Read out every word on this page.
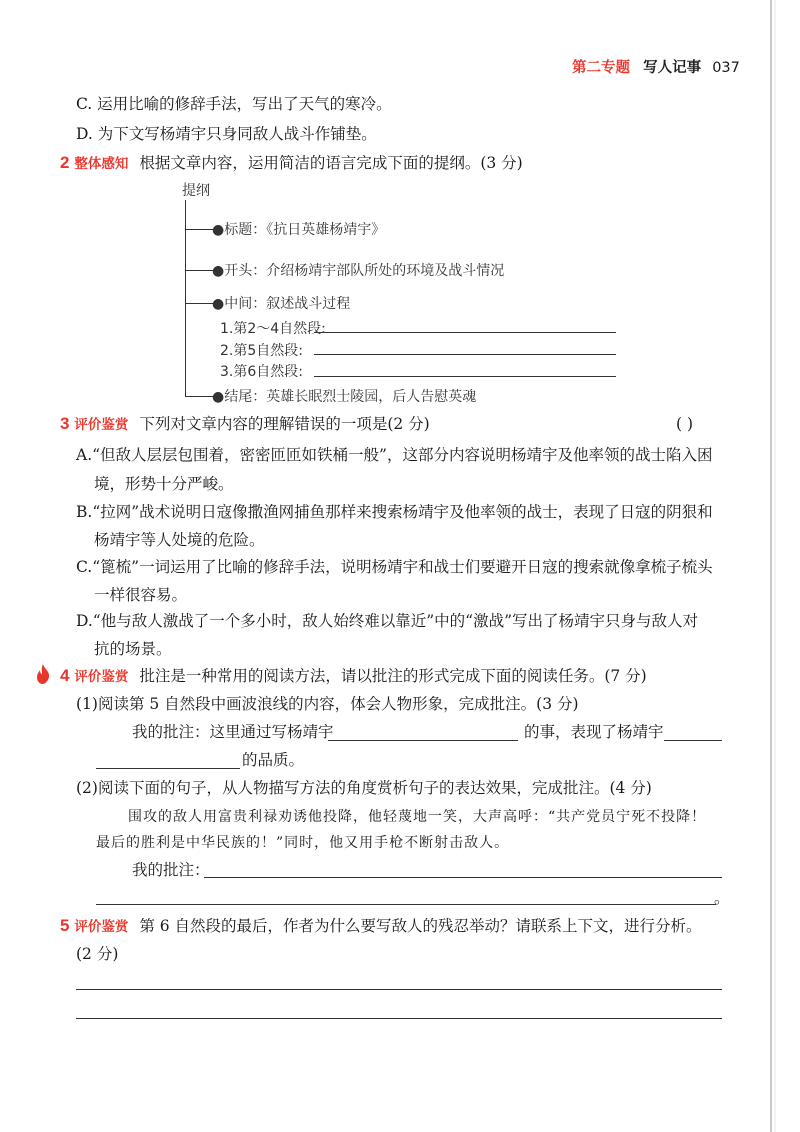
第二专题 写人记事 037
C. 运用比喻的修辞手法，写出了天气的寒冷。
D. 为下文写杨靖宇只身同敌人战斗作铺垫。
2 整体感知 根据文章内容，运用简洁的语言完成下面的提纲。(3 分)
提纲
●标题：《抗日英雄杨靖宇》
●开头：介绍杨靖宇部队所处的环境及战斗情况
●中间：叙述战斗过程
1.第2～4自然段:
2.第5自然段:
3.第6自然段:
●结尾：英雄长眠烈士陵园，后人告慰英魂
3 评价鉴赏 下列对文章内容的理解错误的一项是(2 分)	( )
A.“但敌人层层包围着，密密匝匝如铁桶一般”，这部分内容说明杨靖宇及他率领的战士陷入困
境，形势十分严峻。
B.“拉网”战术说明日寇像撒渔网捕鱼那样来搜索杨靖宇及他率领的战士，表现了日寇的阴狠和
杨靖宇等人处境的危险。
C.“篦梳”一词运用了比喻的修辞手法，说明杨靖宇和战士们要避开日寇的搜索就像拿梳子梳头
一样很容易。
D.“他与敌人激战了一个多小时，敌人始终难以靠近”中的“激战”写出了杨靖宇只身与敌人对
抗的场景。
4 评价鉴赏 批注是一种常用的阅读方法，请以批注的形式完成下面的阅读任务。(7 分)
(1)阅读第 5 自然段中画波浪线的内容，体会人物形象，完成批注。(3 分)
我的批注：这里通过写杨靖宇	的事，表现了杨靖宇
的品质。
(2)阅读下面的句子，从人物描写方法的角度赏析句子的表达效果，完成批注。(4 分)
围攻的敌人用富贵利禄劝诱他投降，他轻蔑地一笑，大声高呼：“共产党员宁死不投降！
最后的胜利是中华民族的！”同时，他又用手枪不断射击敌人。
我的批注：
。
5 评价鉴赏 第 6 自然段的最后，作者为什么要写敌人的残忍举动？请联系上下文，进行分析。
(2 分)
